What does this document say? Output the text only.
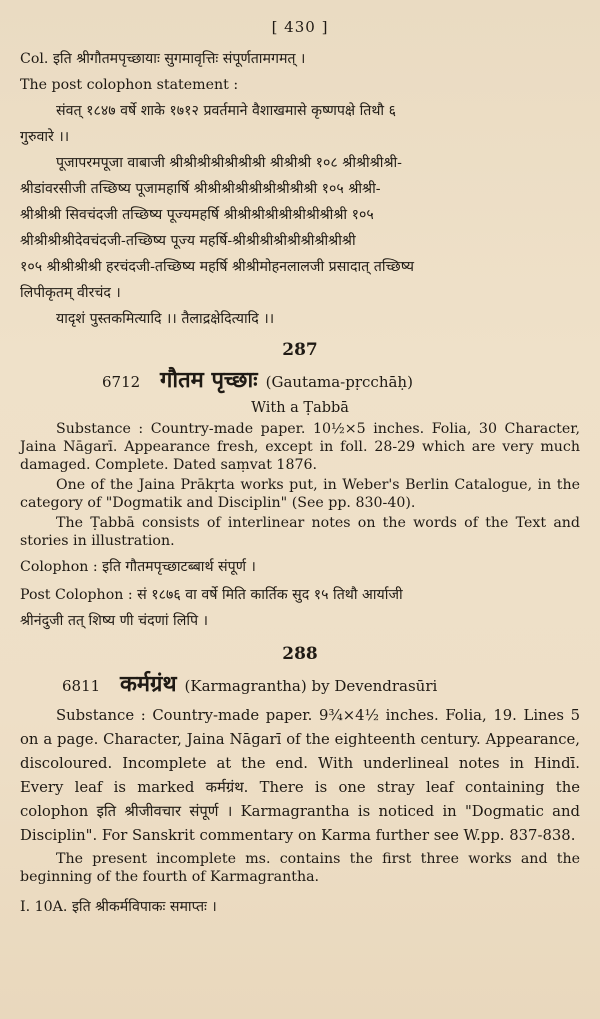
[ 430 ]
Col. इति श्रीगौतमपृच्छायाः सुगमावृत्तिः संपूर्णतामगमत् ।
The post colophon statement :
संवत् १८४७ वर्षे शाके १७१२ प्रवर्तमाने वैशाखमासे कृष्णपक्षे तिथौ ६
गुरुवारे ।।
पूजापरमपूजा वाबाजी श्रीश्रीश्रीश्रीश्रीश्रीश्री श्रीश्रीश्री १०८ श्रीश्रीश्रीश्री-
श्रीडांवरसीजी तच्छिष्य पूजामहार्षि श्रीश्रीश्रीश्रीश्रीश्रीश्रीश्रीश्री १०५ श्रीश्री-
श्रीश्रीश्री सिवचंदजी तच्छिष्य पूज्यमहर्षि श्रीश्रीश्रीश्रीश्रीश्रीश्रीश्रीश्री १०५
श्रीश्रीश्रीश्रीदेवचंदजी-तच्छिष्य पूज्य महर्षि-श्रीश्रीश्रीश्रीश्रीश्रीश्रीश्रीश्री
१०५ श्रीश्रीश्रीश्री हरचंदजी-तच्छिष्य महर्षि श्रीश्रीमोहनलालजी प्रसादात् तच्छिष्य
लिपीकृतम् वीरचंद ।
यादृशं पुस्तकमित्यादि ।। तैलाद्रक्षेदित्यादि ।।
287
6712 गौतम पृच्छाः (Gautama-pṛcchāḥ)
With a Ṭabbā
Substance : Country-made paper. 10½×5 inches. Folia, 30 Character, Jaina Nāgarī. Appearance fresh, except in foll. 28-29 which are very much damaged. Complete. Dated saṃvat 1876.
One of the Jaina Prākṛta works put, in Weber's Berlin Catalogue, in the category of "Dogmatik and Disciplin" (See pp. 830-40).
The Ṭabbā consists of interlinear notes on the words of the Text and stories in illustration.
Colophon : इति गौतमपृच्छाटब्बार्थ संपूर्ण ।
Post Colophon : सं १८७६ वा वर्षे मिति कार्तिक सुद १५ तिथौ आर्याजी
श्रीनंदुजी तत् शिष्य णी चंदणां लिपि ।
288
6811 कर्मग्रंथ (Karmagrantha) by Devendrasūri
Substance : Country-made paper. 9¾×4½ inches. Folia, 19. Lines 5 on a page. Character, Jaina Nāgarī of the eighteenth century. Appearance, discoloured. Incomplete at the end. With underlineal notes in Hindī. Every leaf is marked कर्मग्रंथ. There is one stray leaf containing the colophon इति श्रीजीवचार संपूर्ण । Karmagrantha is noticed in "Dogmatic and Disciplin". For Sanskrit commentary on Karma further see W.pp. 837-838.
The present incomplete ms. contains the first three works and the beginning of the fourth of Karmagrantha.
I. 10A. इति श्रीकर्मविपाकः समाप्तः ।
